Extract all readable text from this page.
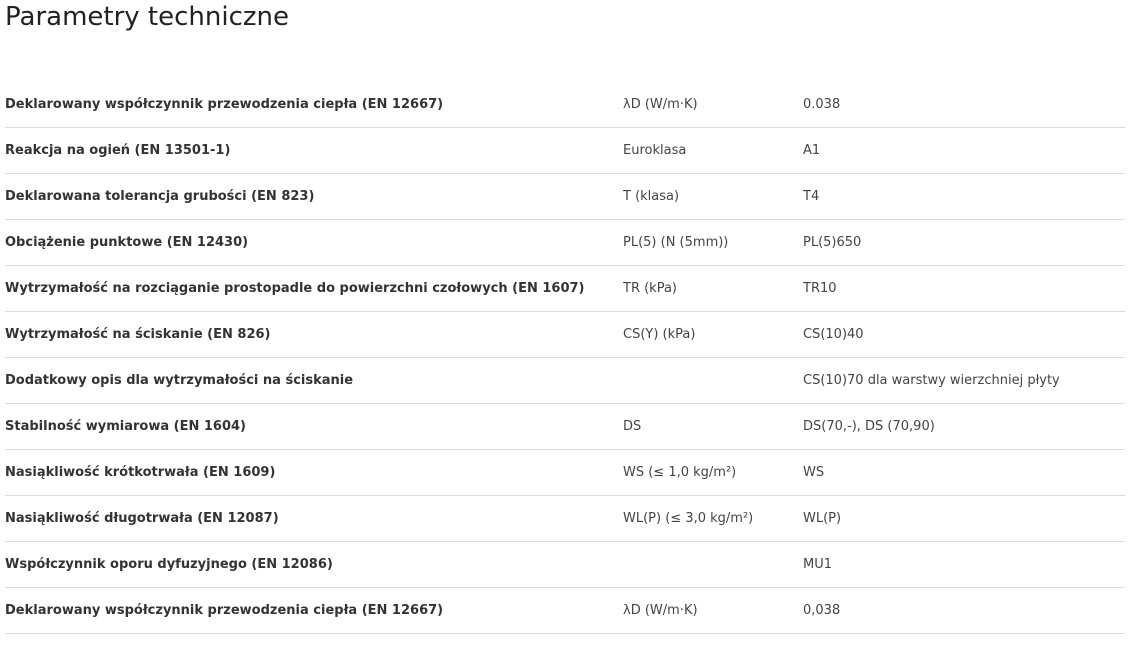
Parametry techniczne
Deklarowany współczynnik przewodzenia ciepła (EN 12667)	λD (W/m·K)	0.038
Reakcja na ogień (EN 13501-1)	Euroklasa	A1
Deklarowana tolerancja grubości (EN 823)	T (klasa)	T4
Obciążenie punktowe (EN 12430)	PL(5) (N (5mm))	PL(5)650
Wytrzymałość na rozciąganie prostopadle do powierzchni czołowych (EN 1607)	TR (kPa)	TR10
Wytrzymałość na ściskanie (EN 826)	CS(Y) (kPa)	CS(10)40
Dodatkowy opis dla wytrzymałości na ściskanie		CS(10)70 dla warstwy wierzchniej płyty
Stabilność wymiarowa (EN 1604)	DS	DS(70,-), DS (70,90)
Nasiąkliwość krótkotrwała (EN 1609)	WS (≤ 1,0 kg/m²)	WS
Nasiąkliwość długotrwała (EN 12087)	WL(P) (≤ 3,0 kg/m²)	WL(P)
Współczynnik oporu dyfuzyjnego (EN 12086)		MU1
Deklarowany współczynnik przewodzenia ciepła (EN 12667)	λD (W/m·K)	0,038
